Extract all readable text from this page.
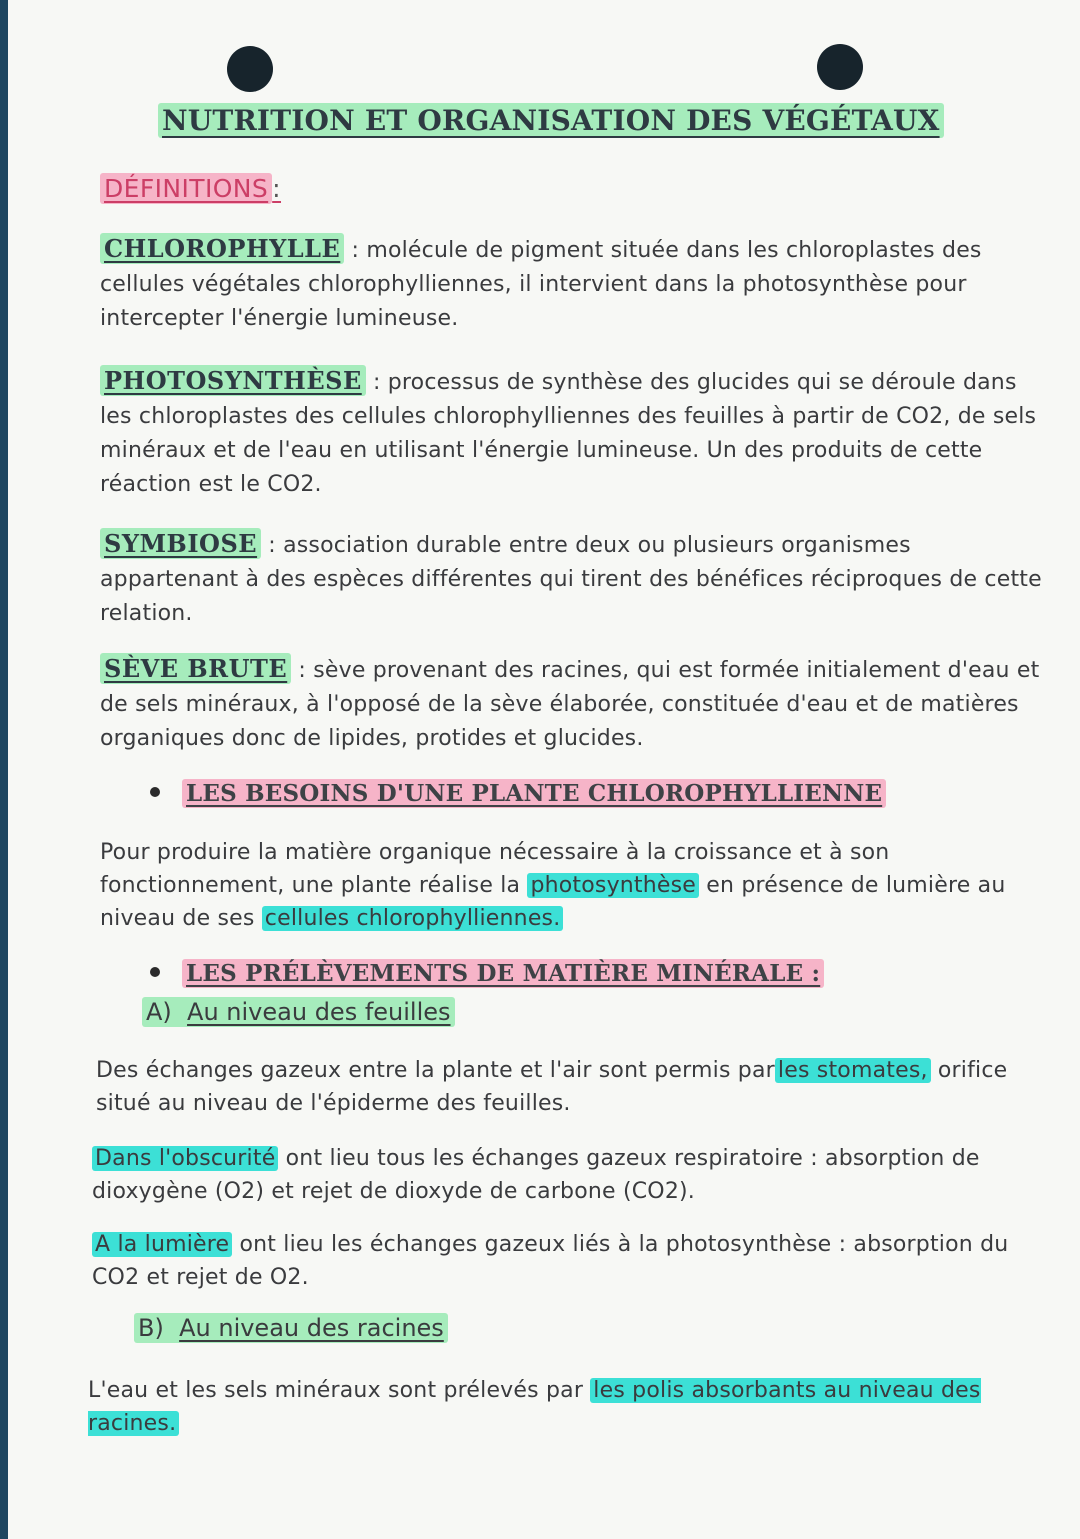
NUTRITION ET ORGANISATION DES VÉGÉTAUX
DÉFINITIONS :

CHLOROPHYLLE : molécule de pigment située dans les chloroplastes des cellules végétales chlorophylliennes, il intervient dans la photosynthèse pour intercepter l'énergie lumineuse.

PHOTOSYNTHÈSE : processus de synthèse des glucides qui se déroule dans les chloroplastes des cellules chlorophylliennes des feuilles à partir de CO2, de sels minéraux et de l'eau en utilisant l'énergie lumineuse. Un des produits de cette réaction est le CO2.

SYMBIOSE : association durable entre deux ou plusieurs organismes appartenant à des espèces différentes qui tirent des bénéfices réciproques de cette relation.

SÈVE BRUTE : sève provenant des racines, qui est formée initialement d'eau et de sels minéraux, à l'opposé de la sève élaborée, constituée d'eau et de matières organiques donc de lipides, protides et glucides.

LES BESOINS D'UNE PLANTE CHLOROPHYLLIENNE

Pour produire la matière organique nécessaire à la croissance et à son fonctionnement, une plante réalise la photosynthèse en présence de lumière au niveau de ses cellules chlorophylliennes.

LES PRÉLÈVEMENTS DE MATIÈRE MINÉRALE :
A) Au niveau des feuilles

Des échanges gazeux entre la plante et l'air sont permis par les stomates, orifice situé au niveau de l'épiderme des feuilles.

Dans l'obscurité ont lieu tous les échanges gazeux respiratoire : absorption de dioxygène (O2) et rejet de dioxyde de carbone (CO2).

A la lumière ont lieu les échanges gazeux liés à la photosynthèse : absorption du CO2 et rejet de O2.

B) Au niveau des racines

L'eau et les sels minéraux sont prélevés par les polis absorbants au niveau des racines.
